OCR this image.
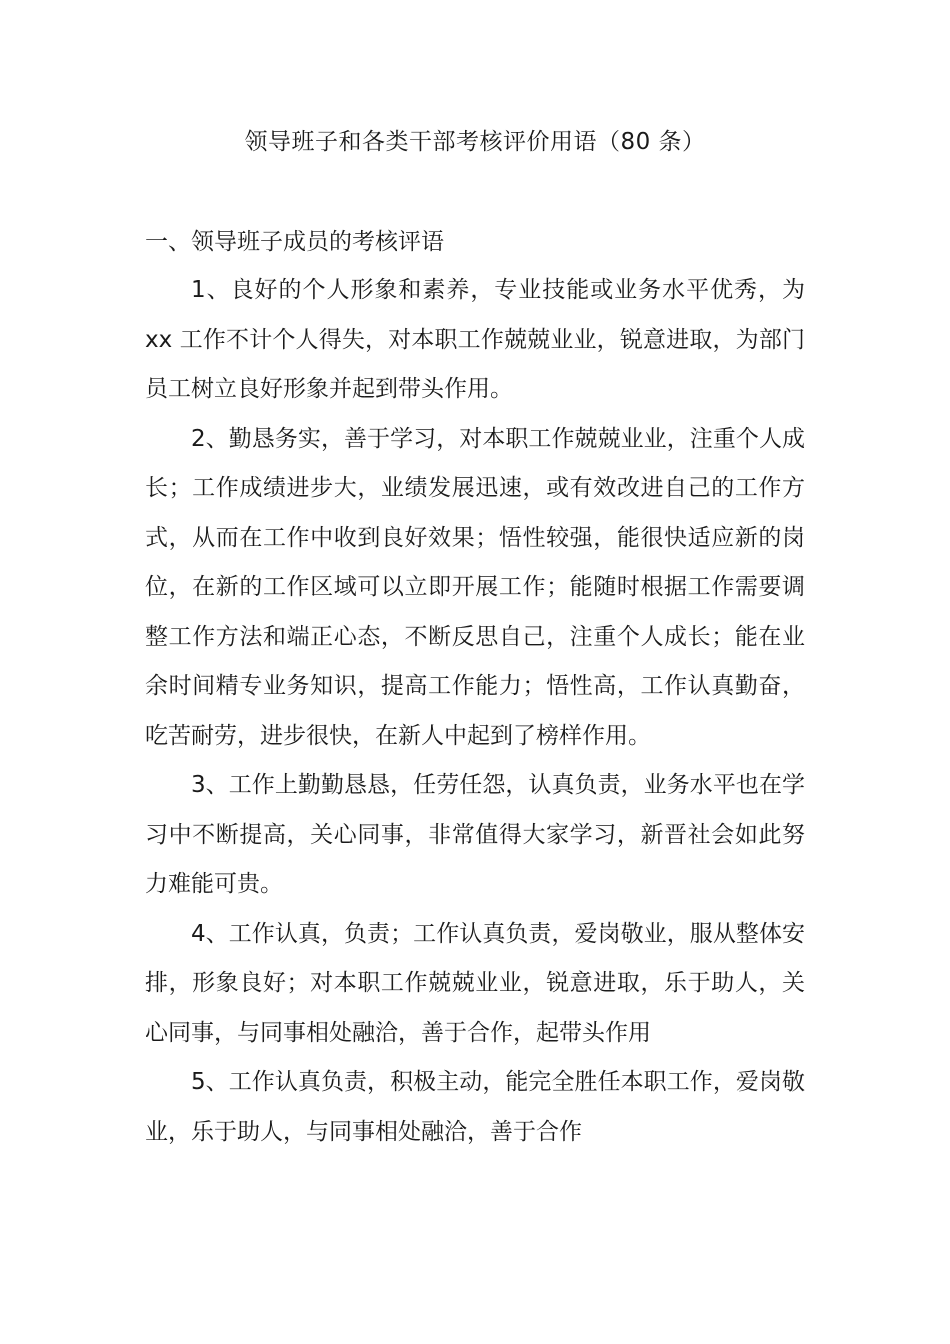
领导班子和各类干部考核评价用语（80 条）
一、领导班子成员的考核评语

1、良好的个人形象和素养，专业技能或业务水平优秀，为xx 工作不计个人得失，对本职工作兢兢业业，锐意进取，为部门员工树立良好形象并起到带头作用。

2、勤恳务实，善于学习，对本职工作兢兢业业，注重个人成长；工作成绩进步大，业绩发展迅速，或有效改进自己的工作方式，从而在工作中收到良好效果；悟性较强，能很快适应新的岗位，在新的工作区域可以立即开展工作；能随时根据工作需要调整工作方法和端正心态，不断反思自己，注重个人成长；能在业余时间精专业务知识，提高工作能力；悟性高，工作认真勤奋，吃苦耐劳，进步很快，在新人中起到了榜样作用。

3、工作上勤勤恳恳，任劳任怨，认真负责，业务水平也在学习中不断提高，关心同事，非常值得大家学习，新晋社会如此努力难能可贵。

4、工作认真，负责；工作认真负责，爱岗敬业，服从整体安排，形象良好；对本职工作兢兢业业，锐意进取，乐于助人，关心同事，与同事相处融洽，善于合作，起带头作用

5、工作认真负责，积极主动，能完全胜任本职工作，爱岗敬业，乐于助人，与同事相处融洽，善于合作
